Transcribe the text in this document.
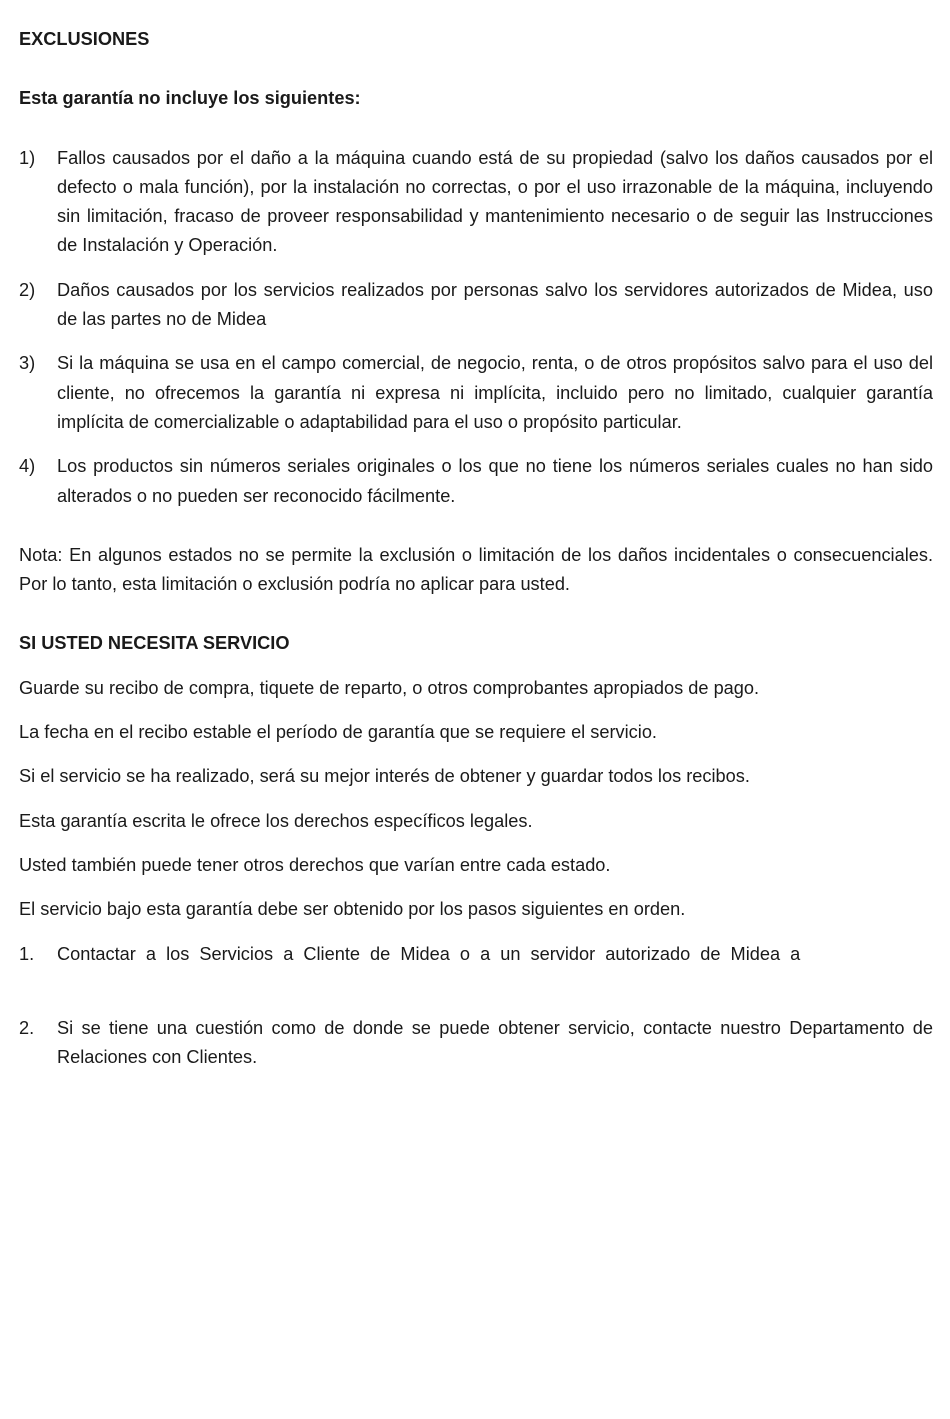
EXCLUSIONES

Esta garantía no incluye los siguientes:

1) Fallos causados por el daño a la máquina cuando está de su propiedad (salvo los daños causados por el defecto o mala función), por la instalación no correctas, o por el uso irrazonable de la máquina, incluyendo sin limitación, fracaso de proveer responsabilidad y mantenimiento necesario o de seguir las Instrucciones de Instalación y Operación.
2) Daños causados por los servicios realizados por personas salvo los servidores autorizados de Midea, uso de las partes no de Midea
3) Si la máquina se usa en el campo comercial, de negocio, renta, o de otros propósitos salvo para el uso del cliente, no ofrecemos la garantía ni expresa ni implícita, incluido pero no limitado, cualquier garantía implícita de comercializable o adaptabilidad para el uso o propósito particular.
4) Los productos sin números seriales originales o los que no tiene los números seriales cuales no han sido alterados o no pueden ser reconocido fácilmente.

Nota: En algunos estados no se permite la exclusión o limitación de los daños incidentales o consecuenciales. Por lo tanto, esta limitación o exclusión podría no aplicar para usted.

SI USTED NECESITA SERVICIO

Guarde su recibo de compra, tiquete de reparto, o otros comprobantes apropiados de pago.

La fecha en el recibo estable el período de garantía que se requiere el servicio.

Si el servicio se ha realizado, será su mejor interés de obtener y guardar todos los recibos.

Esta garantía escrita le ofrece los derechos específicos legales.

Usted también puede tener otros derechos que varían entre cada estado.

El servicio bajo esta garantía debe ser obtenido por los pasos siguientes en orden.

1. Contactar a los Servicios a Cliente de Midea o a un servidor autorizado de Midea a
2. Si se tiene una cuestión como de donde se puede obtener servicio, contacte nuestro Departamento de Relaciones con Clientes.
